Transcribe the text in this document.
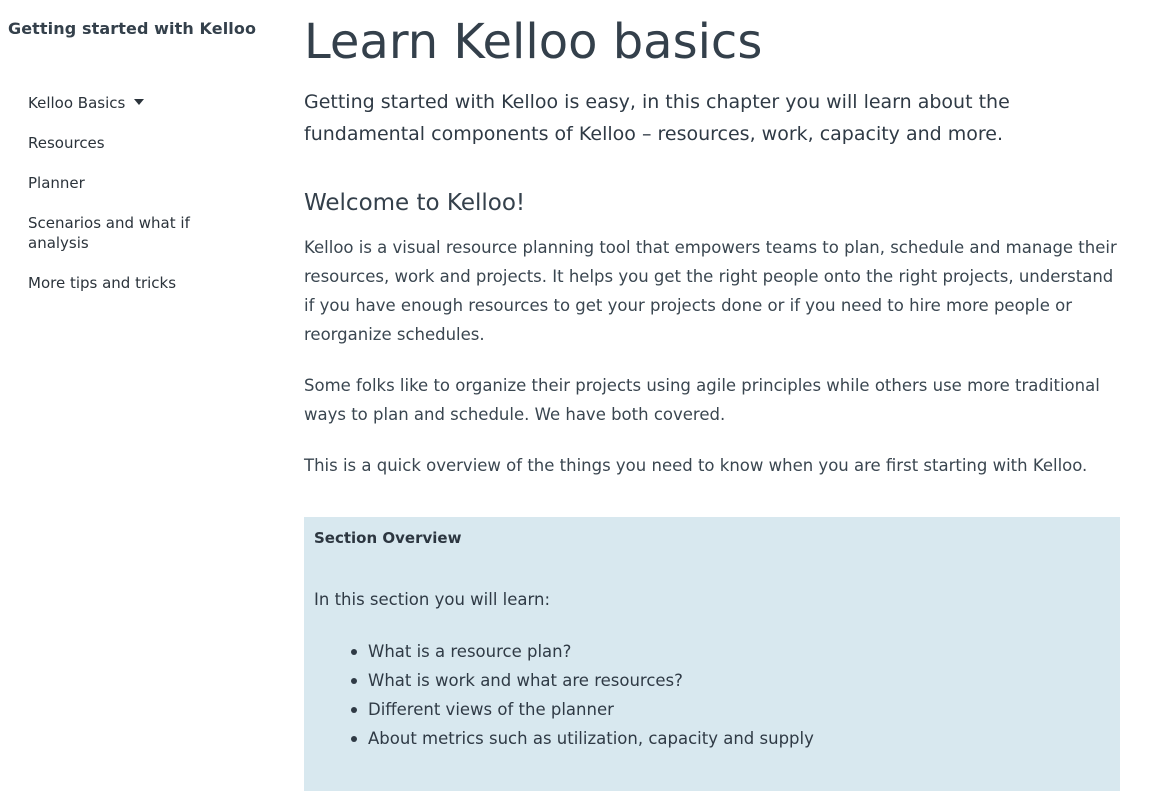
Getting started with Kelloo
Kelloo Basics
Resources
Planner
Scenarios and what if analysis
More tips and tricks
Learn Kelloo basics

Getting started with Kelloo is easy, in this chapter you will learn about the fundamental components of Kelloo – resources, work, capacity and more.

Welcome to Kelloo!

Kelloo is a visual resource planning tool that empowers teams to plan, schedule and manage their resources, work and projects. It helps you get the right people onto the right projects, understand if you have enough resources to get your projects done or if you need to hire more people or reorganize schedules.

Some folks like to organize their projects using agile principles while others use more traditional ways to plan and schedule. We have both covered.

This is a quick overview of the things you need to know when you are first starting with Kelloo.

Section Overview
In this section you will learn:
What is a resource plan?
What is work and what are resources?
Different views of the planner
About metrics such as utilization, capacity and supply
